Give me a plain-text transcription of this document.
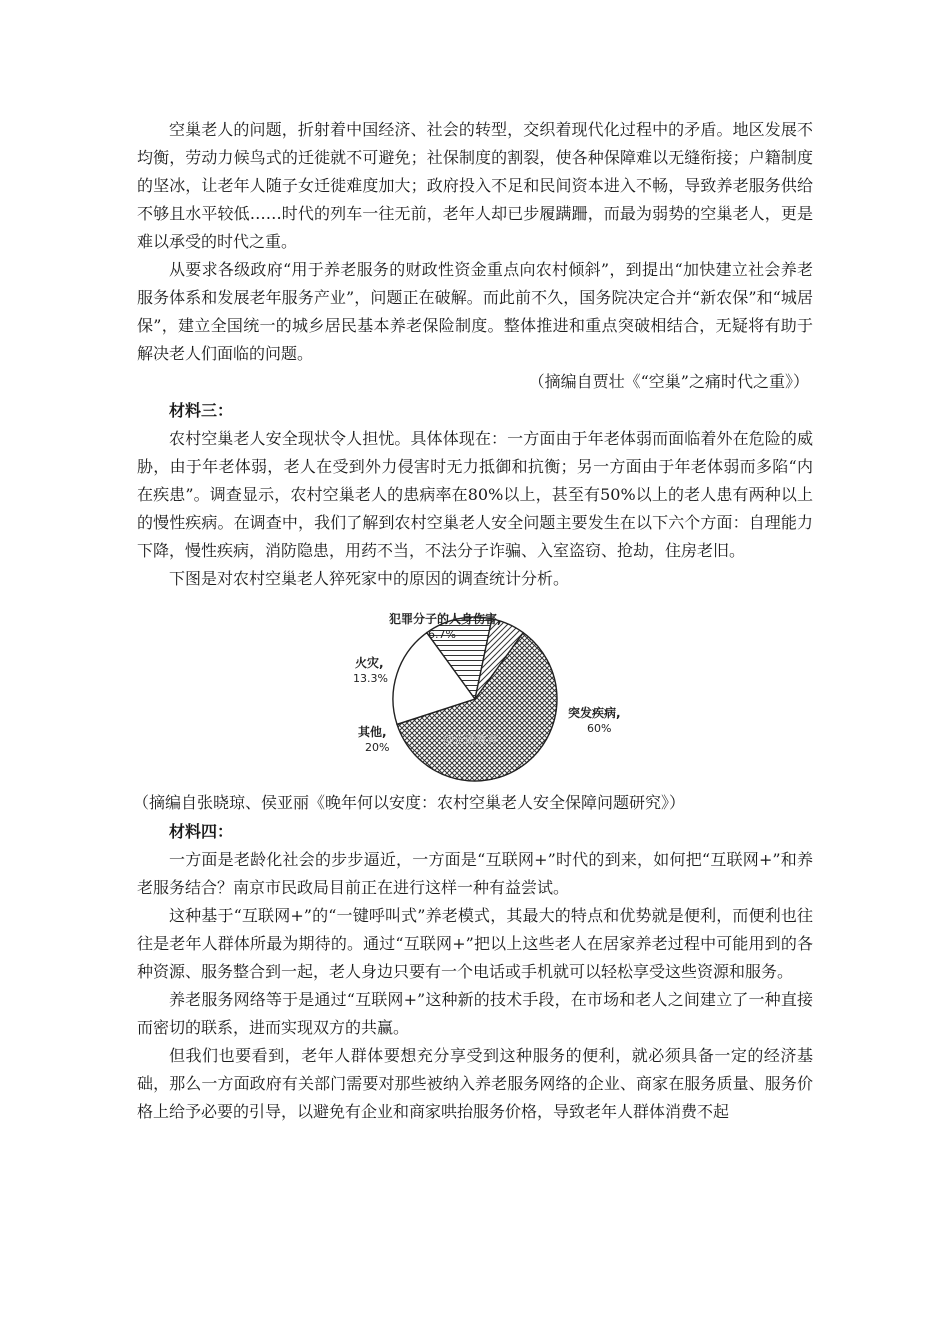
空巢老人的问题，折射着中国经济、社会的转型，交织着现代化过程中的矛盾。地区发展不均衡，劳动力候鸟式的迁徙就不可避免；社保制度的割裂，使各种保障难以无缝衔接；户籍制度的坚冰，让老年人随子女迁徙难度加大；政府投入不足和民间资本进入不畅，导致养老服务供给不够且水平较低……时代的列车一往无前，老年人却已步履蹒跚，而最为弱势的空巢老人，更是难以承受的时代之重。

从要求各级政府“用于养老服务的财政性资金重点向农村倾斜”，到提出“加快建立社会养老服务体系和发展老年服务产业”，问题正在破解。而此前不久，国务院决定合并“新农保”和“城居保”，建立全国统一的城乡居民基本养老保险制度。整体推进和重点突破相结合，无疑将有助于解决老人们面临的问题。

（摘编自贾壮《“空巢”之痛时代之重》）

材料三：

农村空巢老人安全现状令人担忧。具体体现在：一方面由于年老体弱而面临着外在危险的威胁，由于年老体弱，老人在受到外力侵害时无力抵御和抗衡；另一方面由于年老体弱而多陷“内在疾患”。调查显示，农村空巢老人的患病率在80%以上，甚至有50%以上的老人患有两种以上的慢性疾病。在调查中，我们了解到农村空巢老人安全问题主要发生在以下六个方面：自理能力下降，慢性疾病，消防隐患，用药不当，不法分子诈骗、入室盗窃、抢劫，住房老旧。

下图是对农村空巢老人猝死家中的原因的调查统计分析。

犯罪分子的人身伤害,
6.7%
火灾,
13.3%
其他,
20%
突发疾病,
60%
@正确教育

（摘编自张晓琼、侯亚丽《晚年何以安度：农村空巢老人安全保障问题研究》）

材料四：

一方面是老龄化社会的步步逼近，一方面是“互联网+”时代的到来，如何把“互联网+”和养老服务结合？南京市民政局目前正在进行这样一种有益尝试。

这种基于“互联网+”的“一键呼叫式”养老模式，其最大的特点和优势就是便利，而便利也往往是老年人群体所最为期待的。通过“互联网+”把以上这些老人在居家养老过程中可能用到的各种资源、服务整合到一起，老人身边只要有一个电话或手机就可以轻松享受这些资源和服务。

养老服务网络等于是通过“互联网+”这种新的技术手段，在市场和老人之间建立了一种直接而密切的联系，进而实现双方的共赢。

但我们也要看到，老年人群体要想充分享受到这种服务的便利，就必须具备一定的经济基础，那么一方面政府有关部门需要对那些被纳入养老服务网络的企业、商家在服务质量、服务价格上给予必要的引导，以避免有企业和商家哄抬服务价格，导致老年人群体消费不起
